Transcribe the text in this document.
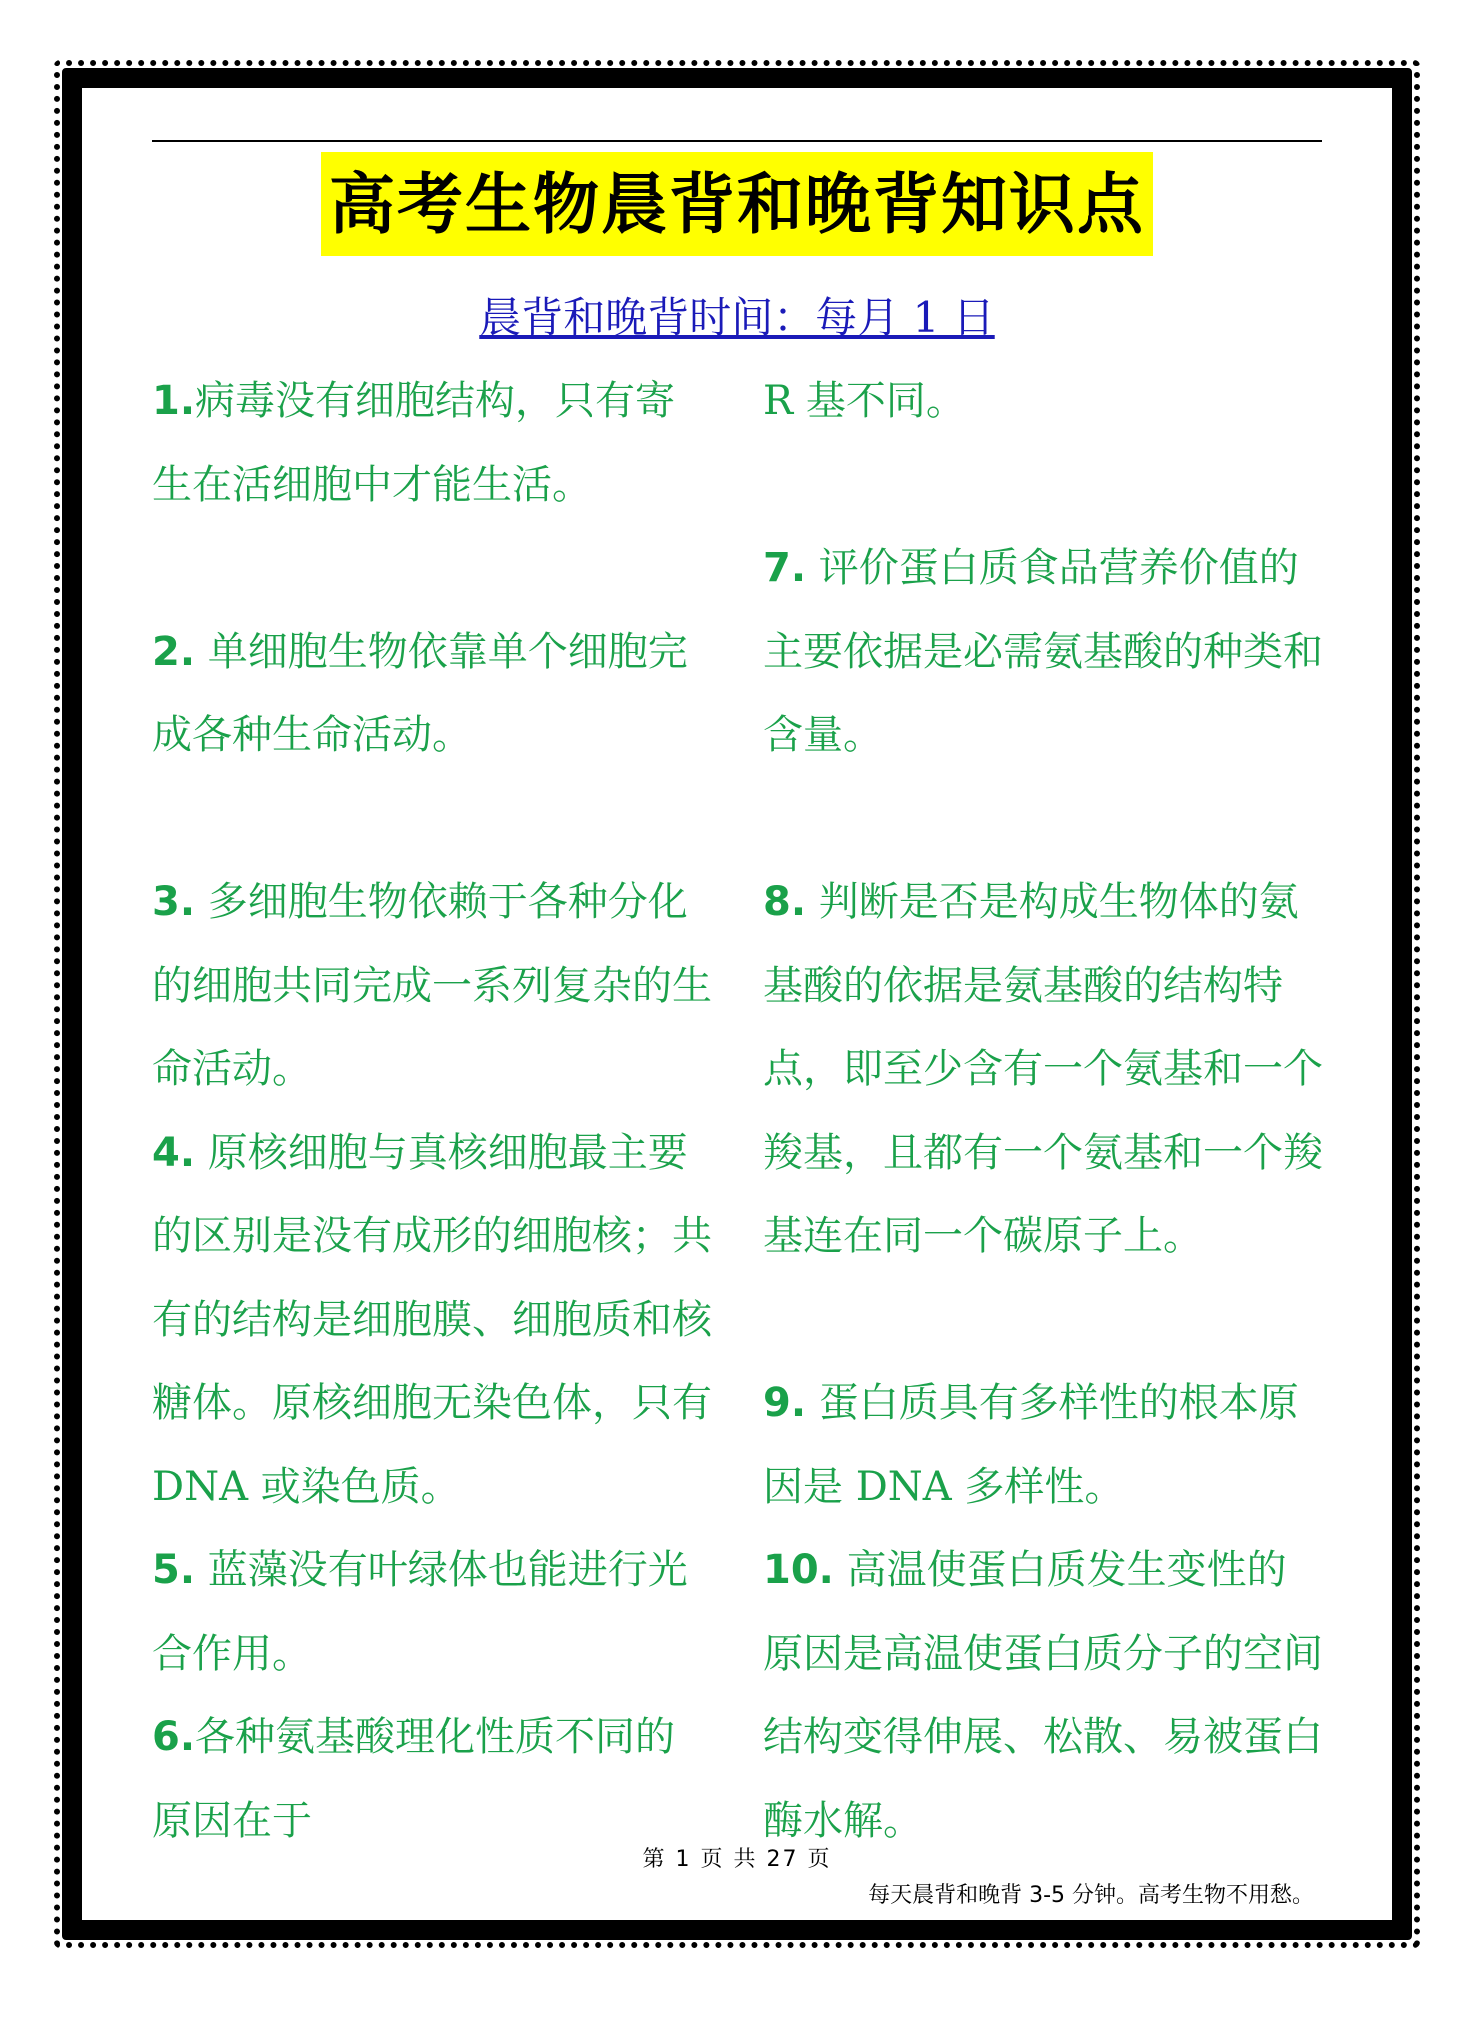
高考生物晨背和晚背知识点
晨背和晚背时间：每月 1 日

1.病毒没有细胞结构，只有寄生在活细胞中才能生活。

2. 单细胞生物依靠单个细胞完成各种生命活动。

3. 多细胞生物依赖于各种分化的细胞共同完成一系列复杂的生命活动。

4. 原核细胞与真核细胞最主要的区别是没有成形的细胞核；共有的结构是细胞膜、细胞质和核糖体。原核细胞无染色体，只有 DNA 或染色质。

5. 蓝藻没有叶绿体也能进行光合作用。

6.各种氨基酸理化性质不同的原因在于

R 基不同。

7. 评价蛋白质食品营养价值的主要依据是必需氨基酸的种类和含量。

8. 判断是否是构成生物体的氨基酸的依据是氨基酸的结构特点，即至少含有一个氨基和一个羧基，且都有一个氨基和一个羧基连在同一个碳原子上。

9. 蛋白质具有多样性的根本原因是 DNA 多样性。

10. 高温使蛋白质发生变性的原因是高温使蛋白质分子的空间结构变得伸展、松散、易被蛋白酶水解。

第 1 页 共 27 页
每天晨背和晚背 3-5 分钟。高考生物不用愁。
